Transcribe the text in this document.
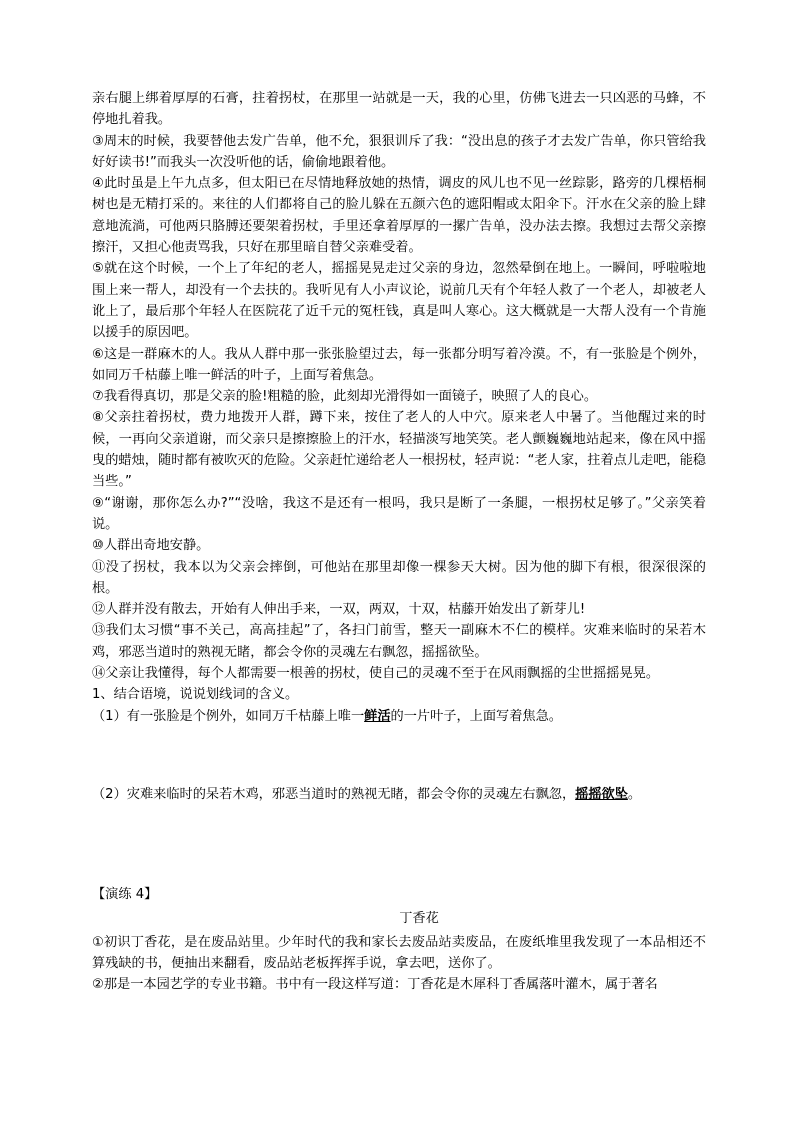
亲右腿上绑着厚厚的石膏，拄着拐杖，在那里一站就是一天，我的心里，仿佛飞进去一只凶恶的马蜂，不停地扎着我。

③周末的时候，我要替他去发广告单，他不允，狠狠训斥了我：“没出息的孩子才去发广告单，你只管给我好好读书!”而我头一次没听他的话，偷偷地跟着他。

④此时虽是上午九点多，但太阳已在尽情地释放她的热情，调皮的风儿也不见一丝踪影，路旁的几棵梧桐树也是无精打采的。来往的人们都将自己的脸儿躲在五颜六色的遮阳帽或太阳伞下。汗水在父亲的脸上肆意地流淌，可他两只胳膊还要架着拐杖，手里还拿着厚厚的一摞广告单，没办法去擦。我想过去帮父亲擦擦汗，又担心他责骂我，只好在那里暗自替父亲难受着。

⑤就在这个时候，一个上了年纪的老人，摇摇晃晃走过父亲的身边，忽然晕倒在地上。一瞬间，呼啦啦地围上来一帮人，却没有一个去扶的。我听见有人小声议论，说前几天有个年轻人救了一个老人，却被老人讹上了，最后那个年轻人在医院花了近千元的冤枉钱，真是叫人寒心。这大概就是一大帮人没有一个肯施以援手的原因吧。

⑥这是一群麻木的人。我从人群中那一张张脸望过去，每一张都分明写着冷漠。不，有一张脸是个例外，如同万千枯藤上唯一鲜活的叶子，上面写着焦急。

⑦我看得真切，那是父亲的脸!粗糙的脸，此刻却光滑得如一面镜子，映照了人的良心。

⑧父亲拄着拐杖，费力地拨开人群，蹲下来，按住了老人的人中穴。原来老人中暑了。当他醒过来的时候，一再向父亲道谢，而父亲只是擦擦脸上的汗水，轻描淡写地笑笑。老人颤巍巍地站起来，像在风中摇曳的蜡烛，随时都有被吹灭的危险。父亲赶忙递给老人一根拐杖，轻声说：“老人家，拄着点儿走吧，能稳当些。”

⑨“谢谢，那你怎么办?”“没啥，我这不是还有一根吗，我只是断了一条腿，一根拐杖足够了。”父亲笑着说。

⑩人群出奇地安静。

⑪没了拐杖，我本以为父亲会摔倒，可他站在那里却像一棵参天大树。因为他的脚下有根，很深很深的根。

⑫人群并没有散去，开始有人伸出手来，一双，两双，十双，枯藤开始发出了新芽儿!

⑬我们太习惯“事不关己，高高挂起”了，各扫门前雪，整天一副麻木不仁的模样。灾难来临时的呆若木鸡，邪恶当道时的熟视无睹，都会令你的灵魂左右飘忽，摇摇欲坠。

⑭父亲让我懂得，每个人都需要一根善的拐杖，使自己的灵魂不至于在风雨飘摇的尘世摇摇晃晃。

1、结合语境，说说划线词的含义。

（1）有一张脸是个例外，如同万千枯藤上唯一鲜活的一片叶子，上面写着焦急。

（2）灾难来临时的呆若木鸡，邪恶当道时的熟视无睹，都会令你的灵魂左右飘忽，摇摇欲坠。

【演练 4】

丁香花

①初识丁香花，是在废品站里。少年时代的我和家长去废品站卖废品，在废纸堆里我发现了一本品相还不算残缺的书，便抽出来翻看，废品站老板挥挥手说，拿去吧，送你了。

②那是一本园艺学的专业书籍。书中有一段这样写道：丁香花是木犀科丁香属落叶灌木，属于著名
